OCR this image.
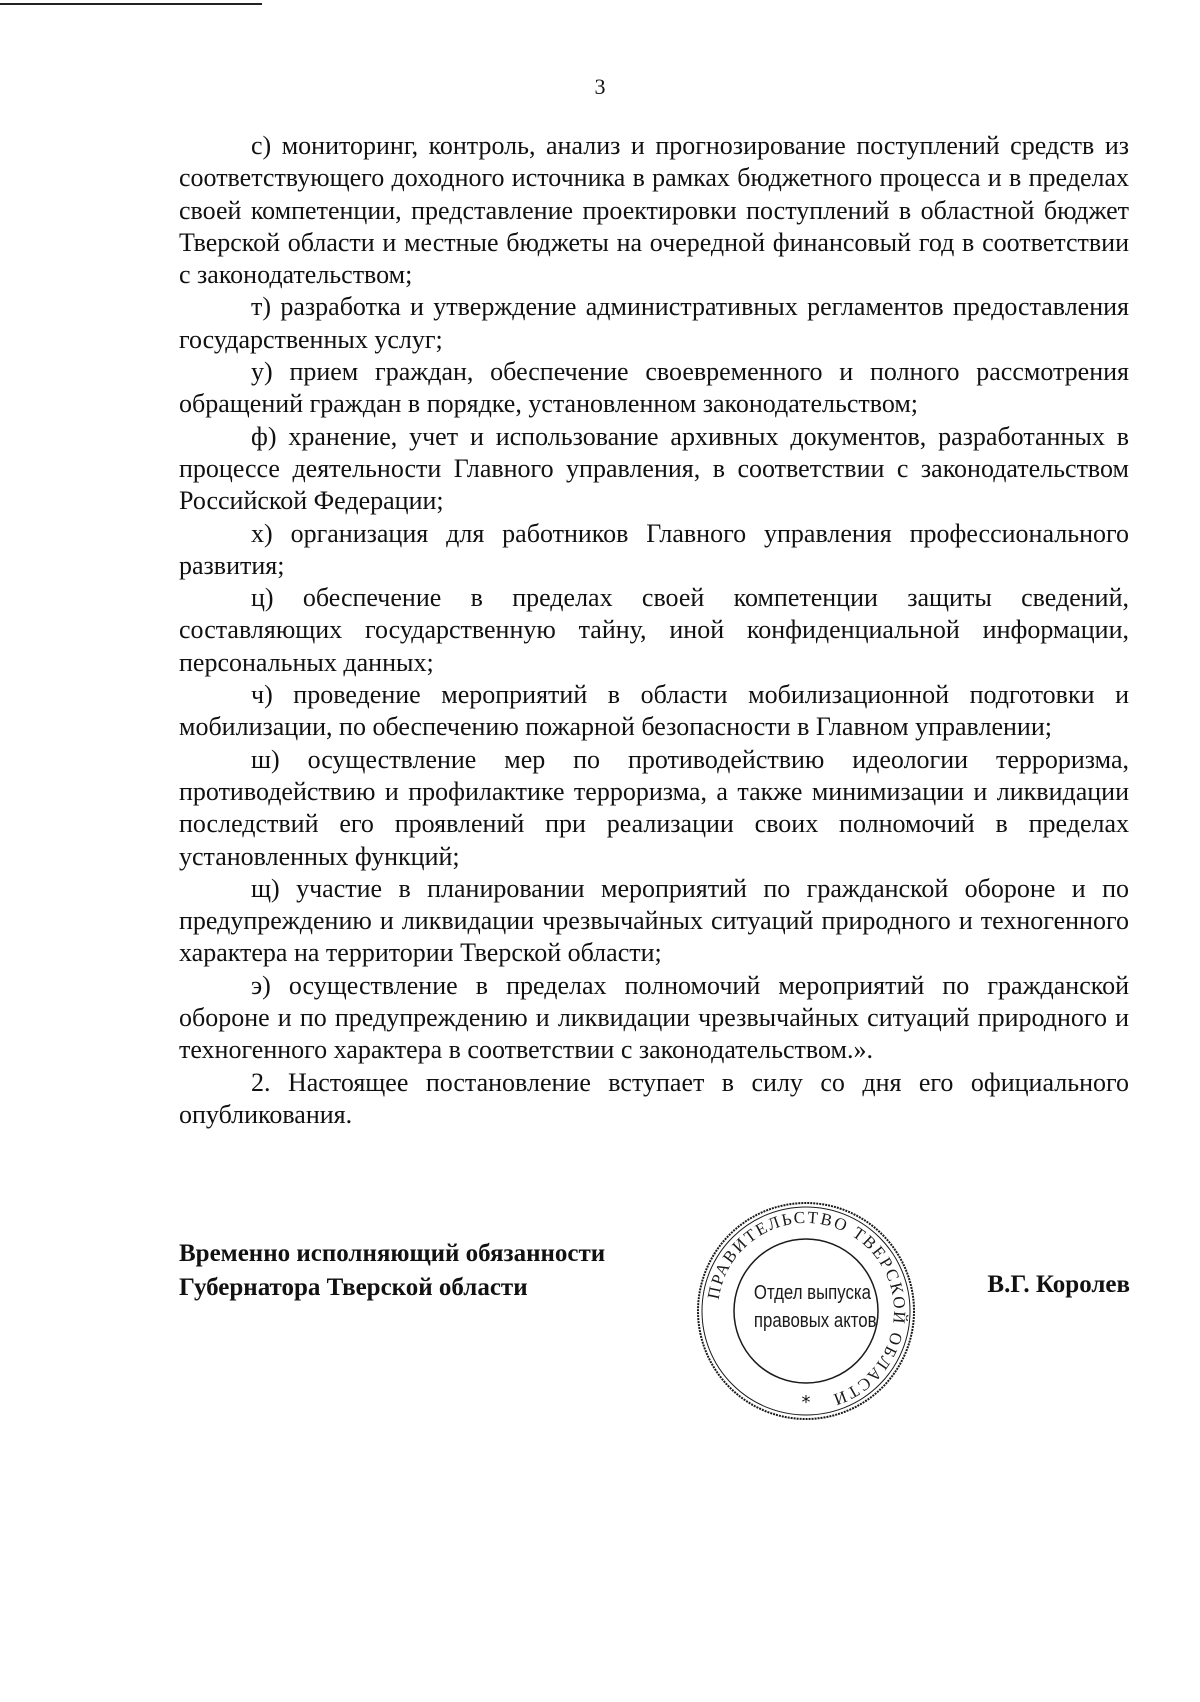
3

с) мониторинг, контроль, анализ и прогнозирование поступлений средств из соответствующего доходного источника в рамках бюджетного процесса и в пределах своей компетенции, представление проектировки поступлений в областной бюджет Тверской области и местные бюджеты на очередной финансовый год в соответствии с законодательством;

т) разработка и утверждение административных регламентов предоставления государственных услуг;

у) прием граждан, обеспечение своевременного и полного рассмотрения обращений граждан в порядке, установленном законодательством;

ф) хранение, учет и использование архивных документов, разработанных в процессе деятельности Главного управления, в соответствии с законодательством Российской Федерации;

х) организация для работников Главного управления профессионального развития;

ц) обеспечение в пределах своей компетенции защиты сведений, составляющих государственную тайну, иной конфиденциальной информации, персональных данных;

ч) проведение мероприятий в области мобилизационной подготовки и мобилизации, по обеспечению пожарной безопасности в Главном управлении;

ш) осуществление мер по противодействию идеологии терроризма, противодействию и профилактике терроризма, а также минимизации и ликвидации последствий его проявлений при реализации своих полномочий в пределах установленных функций;

щ) участие в планировании мероприятий по гражданской обороне и по предупреждению и ликвидации чрезвычайных ситуаций природного и техногенного характера на территории Тверской области;

э) осуществление в пределах полномочий мероприятий по гражданской обороне и по предупреждению и ликвидации чрезвычайных ситуаций природного и техногенного характера в соответствии с законодательством.».

2. Настоящее постановление вступает в силу со дня его официального опубликования.

Временно исполняющий обязанности
Губернатора Тверской области	ПРАВИТЕЛЬСТВО ТВЕРСКОЙ ОБЛАСТИ
Отдел выпуска
правовых актов
*
В.Г. Королев
